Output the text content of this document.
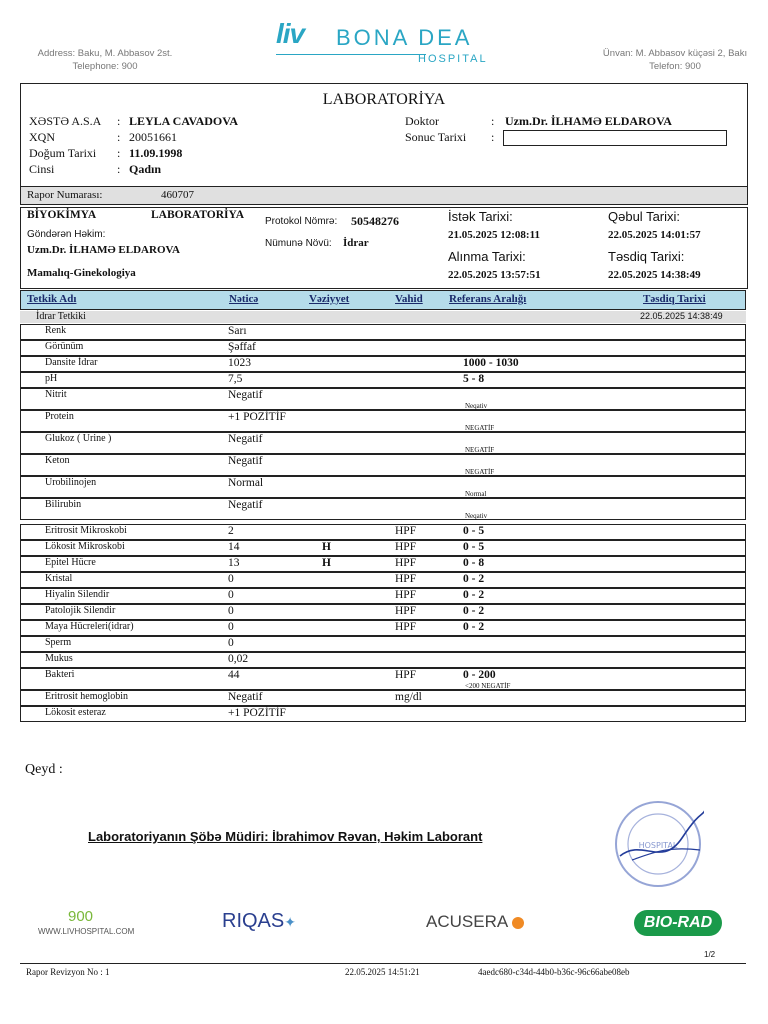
Address: Baku, M. Abbasov 2st.
Telephone: 900
Ünvan: M. Abbasov küçəsi 2, Bakı
Telefon: 900
liv BONA DEA
HOSPITAL
LABORATORİYA
XƏSTƏ A.S.A : LEYLA CAVADOVA
XQN	: 20051661
Doğum Tarixi : 11.09.1998
Cinsi	: Qadın
Doktor	: Uzm.Dr. İLHAMƏ ELDAROVA
Sonuc Tarixi :
Rapor Numarası:	460707
BİYOKİMYA	LABORATORİYA
Göndərən Həkim:
Uzm.Dr. İLHAMƏ ELDAROVA
Mamalıq-Ginekologiya
Protokol Nömrə: 50548276
Nümunə Növü: İdrar
İstək Tarixi:
21.05.2025 12:08:11
Alınma Tarixi:
22.05.2025 13:57:51
Qəbul Tarixi:
22.05.2025 14:01:57
Təsdiq Tarixi:
22.05.2025 14:38:49
Tetkik Adı	Nəticə	Vəziyyet	Vahid Referans Aralığı	Təsdiq Tarixi
İdrar Tetkiki	22.05.2025 14:38:49
Renk	Sarı
Görünüm	Şəffaf
Dansite İdrar	1023	1000 - 1030
pH	7,5	5 - 8
Nitrit	Negatif
Neqativ
Protein	+1 POZİTİF
NEGATİF
Glukoz ( Urine )	Negatif
NEGATİF
Keton	Negatif
NEGATİF
Urobilinojen	Normal
Normal
Bilirubin	Negatif
Neqativ
Eritrosit Mikroskobi	2	HPF	0 - 5
Lökosit Mikroskobi	14	H	HPF	0 - 5
Epitel Hücre	13	H	HPF	0 - 8
Kristal	0	HPF	0 - 2
Hiyalin Silendir	0	HPF	0 - 2
Patolojik Silendir	0	HPF	0 - 2
Maya Hücreleri(idrar)	0	HPF	0 - 2
Sperm	0
Mukus	0,02
Bakteri	44	HPF	0 - 200
<200 NEGATİF
Eritrosit hemoglobin	Negatif	mg/dl
Lökosit esteraz	+1 POZİTİF
Qeyd :
Laboratoriyanın Şöbə Müdiri: İbrahimov Rəvan, Həkim Laborant
HOSPITAL
900
WWW.LIVHOSPITAL.COM	RIQAS✦	ACUSERA	BIO-RAD
1/2
Rapor Revizyon No : 1	22.05.2025 14:51:21	4aedc680-c34d-44b0-b36c-96c66abe08eb
